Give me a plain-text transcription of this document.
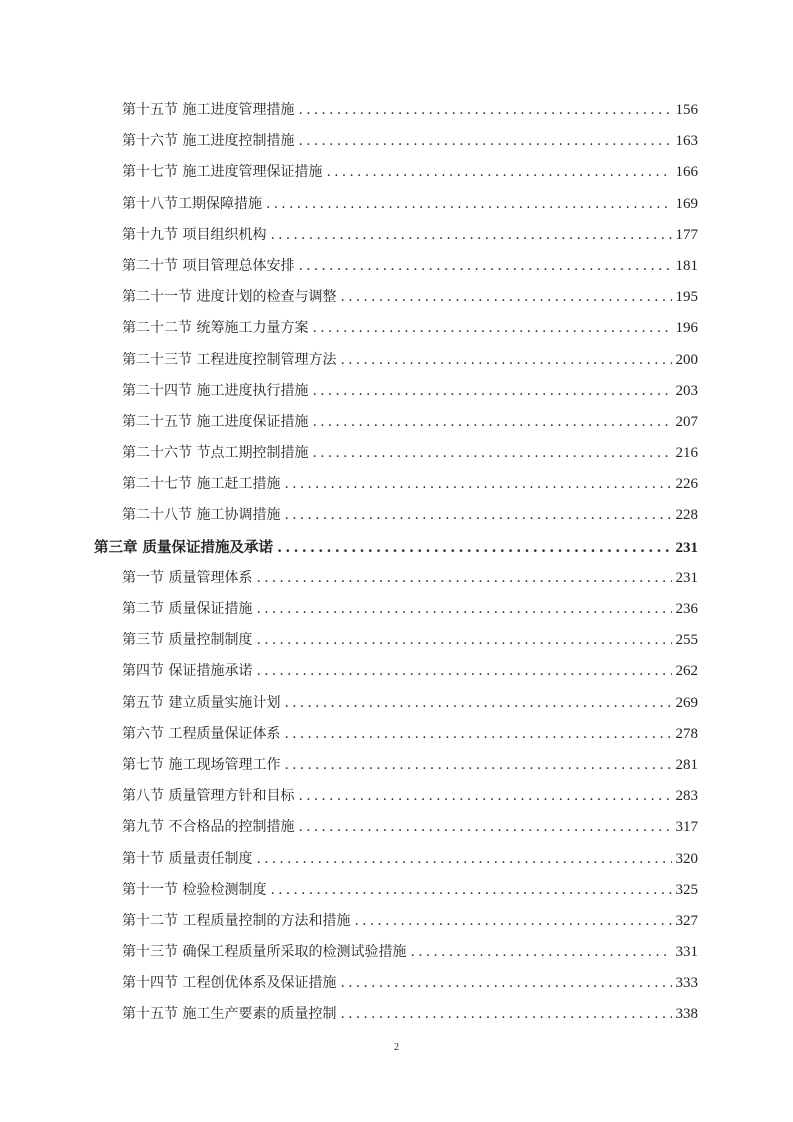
第十五节 施工进度管理措施 .....	156
第十六节 施工进度控制措施 .....	163
第十七节 施工进度管理保证措施 .....	166
第十八节工期保障措施 .....	169
第十九节 项目组织机构 .....	177
第二十节 项目管理总体安排 .....	181
第二十一节 进度计划的检查与调整 .....	195
第二十二节 统筹施工力量方案 .....	196
第二十三节 工程进度控制管理方法 .....	200
第二十四节 施工进度执行措施 .....	203
第二十五节 施工进度保证措施 .....	207
第二十六节 节点工期控制措施 .....	216
第二十七节 施工赶工措施 .....	226
第二十八节 施工协调措施 .....	228
第三章 质量保证措施及承诺 .....	231
第一节 质量管理体系 .....	231
第二节 质量保证措施 .....	236
第三节 质量控制制度 .....	255
第四节 保证措施承诺 .....	262
第五节 建立质量实施计划 .....	269
第六节 工程质量保证体系 .....	278
第七节 施工现场管理工作 .....	281
第八节 质量管理方针和目标 .....	283
第九节 不合格品的控制措施 .....	317
第十节 质量责任制度 .....	320
第十一节 检验检测制度 .....	325
第十二节 工程质量控制的方法和措施 .....	327
第十三节 确保工程质量所采取的检测试验措施 .....	331
第十四节 工程创优体系及保证措施 .....	333
第十五节 施工生产要素的质量控制 .....	338
2
